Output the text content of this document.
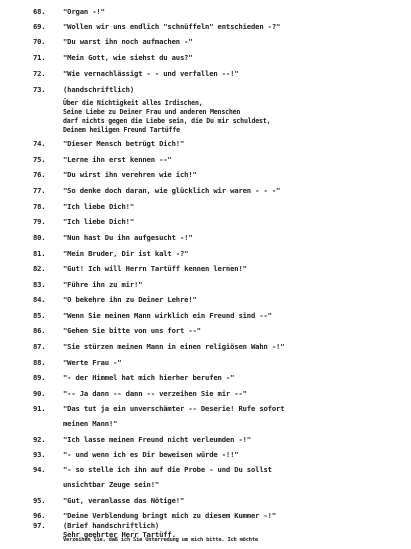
68.	"Organ -!"
69.	"Wollen wir uns endlich "schnüffeln" entschieden -?"
70.	"Du warst ihn noch aufmachen -"
71.	"Mein Gott, wie siehst du aus?"
72.	"Wie vernachlässigt - - und verfallen --!"
73.	(handschriftlich)
Über die Nichtigkeit alles Irdischen,
Seine Liebe zu Deiner Frau und anderen Menschen
darf nichts gegen die Liebe sein, die Du mir schuldest,
Deinem heiligen Freund Tartüffe
74.	"Dieser Mensch betrügt Dich!"
75.	"Lerne ihn erst kennen --"
76.	"Du wirst ihn verehren wie ich!"
77.	"So denke doch daran, wie glücklich wir waren - - -"
78.	"Ich liebe Dich!"
79.	"Ich liebe Dich!"
80.	"Nun hast Du ihn aufgesucht -!"
81.	"Mein Bruder, Dir ist kalt -?"
82.	"Gut! Ich will Herrn Tartüff kennen lernen!"
83.	"Führe ihn zu mir!"
84.	"O bekehre ihn zu Deiner Lehre!"
85.	"Wenn Sie meinen Mann wirklich ein Freund sind --"
86.	"Gehen Sie bitte von uns fort --"
87.	"Sie stürzen meinen Mann in einen religiösen Wahn -!"
88.	"Werte Frau -"
89.	"- der Himmel hat mich hierher berufen -"
90.	"-- Ja dann -- dann -- verzeihen Sie mir --"
91.	"Das tut ja ein unverschämter -- Deserie! Rufe sofort
meinen Mann!"
92.	"Ich lasse meinen Freund nicht verleumden -!"
93.	"- und wenn ich es Dir beweisen würde -!!"
94.	"- so stelle ich ihn auf die Probe - und Du sollst
unsichtbar Zeuge sein!"
95.	"Gut, veranlasse das Nötige!"
96.	"Deine Verblendung bringt mich zu diesem Kummer -!"
97.	(Brief handschriftlich)
Sehr geehrter Herr Tartüff.
Verzeihen Sie, daß ich Sie Unterredung um mich bitte. Ich möchte
